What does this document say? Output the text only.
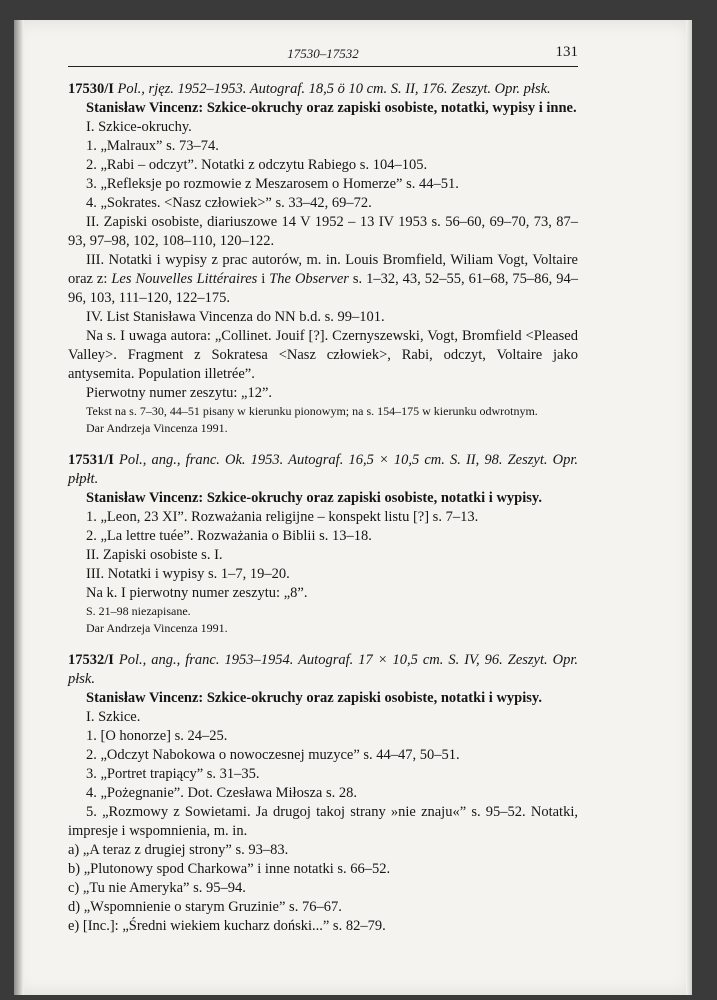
17530–17532	131

17530/I Pol., rjęz. 1952–1953. Autograf. 18,5 ö 10 cm. S. II, 176. Zeszyt. Opr. płsk.

Stanisław Vincenz: Szkice-okruchy oraz zapiski osobiste, notatki, wypisy i inne.

I. Szkice-okruchy.

1. „Malraux” s. 73–74.

2. „Rabi – odczyt”. Notatki z odczytu Rabiego s. 104–105.

3. „Refleksje po rozmowie z Meszarosem o Homerze” s. 44–51.

4. „Sokrates. <Nasz człowiek>” s. 33–42, 69–72.

II. Zapiski osobiste, diariuszowe 14 V 1952 – 13 IV 1953 s. 56–60, 69–70, 73, 87–93, 97–98, 102, 108–110, 120–122.

III. Notatki i wypisy z prac autorów, m. in. Louis Bromfield, Wiliam Vogt, Voltaire oraz z: Les Nouvelles Littéraires i The Observer s. 1–32, 43, 52–55, 61–68, 75–86, 94–96, 103, 111–120, 122–175.

IV. List Stanisława Vincenza do NN b.d. s. 99–101.

Na s. I uwaga autora: „Collinet. Jouif [?]. Czernyszewski, Vogt, Bromfield <Pleased Valley>. Fragment z Sokratesa <Nasz człowiek>, Rabi, odczyt, Voltaire jako antysemita. Population illetrée”.

Pierwotny numer zeszytu: „12”.

Tekst na s. 7–30, 44–51 pisany w kierunku pionowym; na s. 154–175 w kierunku odwrotnym.

Dar Andrzeja Vincenza 1991.

17531/I Pol., ang., franc. Ok. 1953. Autograf. 16,5 × 10,5 cm. S. II, 98. Zeszyt. Opr. płpłt.

Stanisław Vincenz: Szkice-okruchy oraz zapiski osobiste, notatki i wypisy.

1. „Leon, 23 XI”. Rozważania religijne – konspekt listu [?] s. 7–13.

2. „La lettre tuée”. Rozważania o Biblii s. 13–18.

II. Zapiski osobiste s. I.

III. Notatki i wypisy s. 1–7, 19–20.

Na k. I pierwotny numer zeszytu: „8”.

S. 21–98 niezapisane.

Dar Andrzeja Vincenza 1991.

17532/I Pol., ang., franc. 1953–1954. Autograf. 17 × 10,5 cm. S. IV, 96. Zeszyt. Opr. płsk.

Stanisław Vincenz: Szkice-okruchy oraz zapiski osobiste, notatki i wypisy.

I. Szkice.

1. [O honorze] s. 24–25.

2. „Odczyt Nabokowa o nowoczesnej muzyce” s. 44–47, 50–51.

3. „Portret trapiący” s. 31–35.

4. „Pożegnanie”. Dot. Czesława Miłosza s. 28.

5. „Rozmowy z Sowietami. Ja drugoj takoj strany »nie znaju«” s. 95–52. Notatki, impresje i wspomnienia, m. in.

a) „A teraz z drugiej strony” s. 93–83.

b) „Plutonowy spod Charkowa” i inne notatki s. 66–52.

c) „Tu nie Ameryka” s. 95–94.

d) „Wspomnienie o starym Gruzinie” s. 76–67.

e) [Inc.]: „Średni wiekiem kucharz doński...” s. 82–79.
